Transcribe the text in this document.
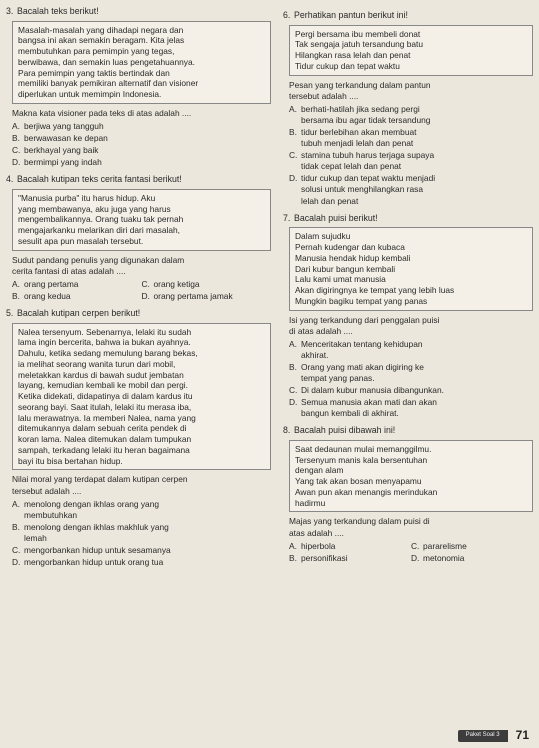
3. Bacalah teks berikut!
Masalah-masalah yang dihadapi negara dan
bangsa ini akan semakin beragam. Kita jelas
membutuhkan para pemimpin yang tegas,
berwibawa, dan semakin luas pengetahuannya.
Para pemimpin yang taktis bertindak dan
memiliki banyak pemikiran alternatif dan visioner
diperlukan untuk memimpin Indonesia.
Makna kata visioner pada teks di atas adalah ....
A. berjiwa yang tangguh
B. berwawasan ke depan
C. berkhayal yang baik
D. bermimpi yang indah
4. Bacalah kutipan teks cerita fantasi berikut!
"Manusia purba" itu harus hidup. Aku
yang membawanya, aku juga yang harus
mengembalikannya. Orang tuaku tak pernah
mengajarkanku melarikan diri dari masalah,
sesulit apa pun masalah tersebut.
Sudut pandang penulis yang digunakan dalam
cerita fantasi di atas adalah ....
A. orang pertama	C. orang ketiga
B. orang kedua	D. orang pertama jamak
5. Bacalah kutipan cerpen berikut!
Nalea tersenyum. Sebenarnya, lelaki itu sudah
lama ingin bercerita, bahwa ia bukan ayahnya.
Dahulu, ketika sedang memulung barang bekas,
ia melihat seorang wanita turun dari mobil,
meletakkan kardus di bawah sudut jembatan
layang, kemudian kembali ke mobil dan pergi.
Ketika didekati, didapatinya di dalam kardus itu
seorang bayi. Saat itulah, lelaki itu merasa iba,
lalu merawatnya. Ia memberi Nalea, nama yang
ditemukannya dalam sebuah cerita pendek di
koran lama. Nalea ditemukan dalam tumpukan
sampah, terkadang lelaki itu heran bagaimana
bayi itu bisa bertahan hidup.
Nilai moral yang terdapat dalam kutipan cerpen
tersebut adalah ....
A. menolong dengan ikhlas orang yang
membutuhkan
B. menolong dengan ikhlas makhluk yang
lemah
C. mengorbankan hidup untuk sesamanya
D. mengorbankan hidup untuk orang tua
6. Perhatikan pantun berikut ini!
Pergi bersama ibu membeli donat
Tak sengaja jatuh tersandung batu
Hilangkan rasa lelah dan penat
Tidur cukup dan tepat waktu
Pesan yang terkandung dalam pantun
tersebut adalah ....
A. berhati-hatilah jika sedang pergi
bersama ibu agar tidak tersandung
B. tidur berlebihan akan membuat
tubuh menjadi lelah dan penat
C. stamina tubuh harus terjaga supaya
tidak cepat lelah dan penat
D. tidur cukup dan tepat waktu menjadi
solusi untuk menghilangkan rasa
lelah dan penat
7. Bacalah puisi berikut!
Dalam sujudku
Pernah kudengar dan kubaca
Manusia hendak hidup kembali
Dari kubur bangun kembali
Lalu kami umat manusia
Akan digiringnya ke tempat yang lebih luas
Mungkin bagiku tempat yang panas
Isi yang terkandung dari penggalan puisi
di atas adalah ....
A. Menceritakan tentang kehidupan
akhirat.
B. Orang yang mati akan digiring ke
tempat yang panas.
C. Di dalam kubur manusia dibangunkan.
D. Semua manusia akan mati dan akan
bangun kembali di akhirat.
8. Bacalah puisi dibawah ini!
Saat dedaunan mulai memanggilmu.
Tersenyum manis kala bersentuhan
dengan alam
Yang tak akan bosan menyapamu
Awan pun akan menangis merindukan
hadirmu
Majas yang terkandung dalam puisi di
atas adalah ....
A. hiperbola	C. pararelisme
B. personifikasi	D. metonomia
Paket Soal 3	71
